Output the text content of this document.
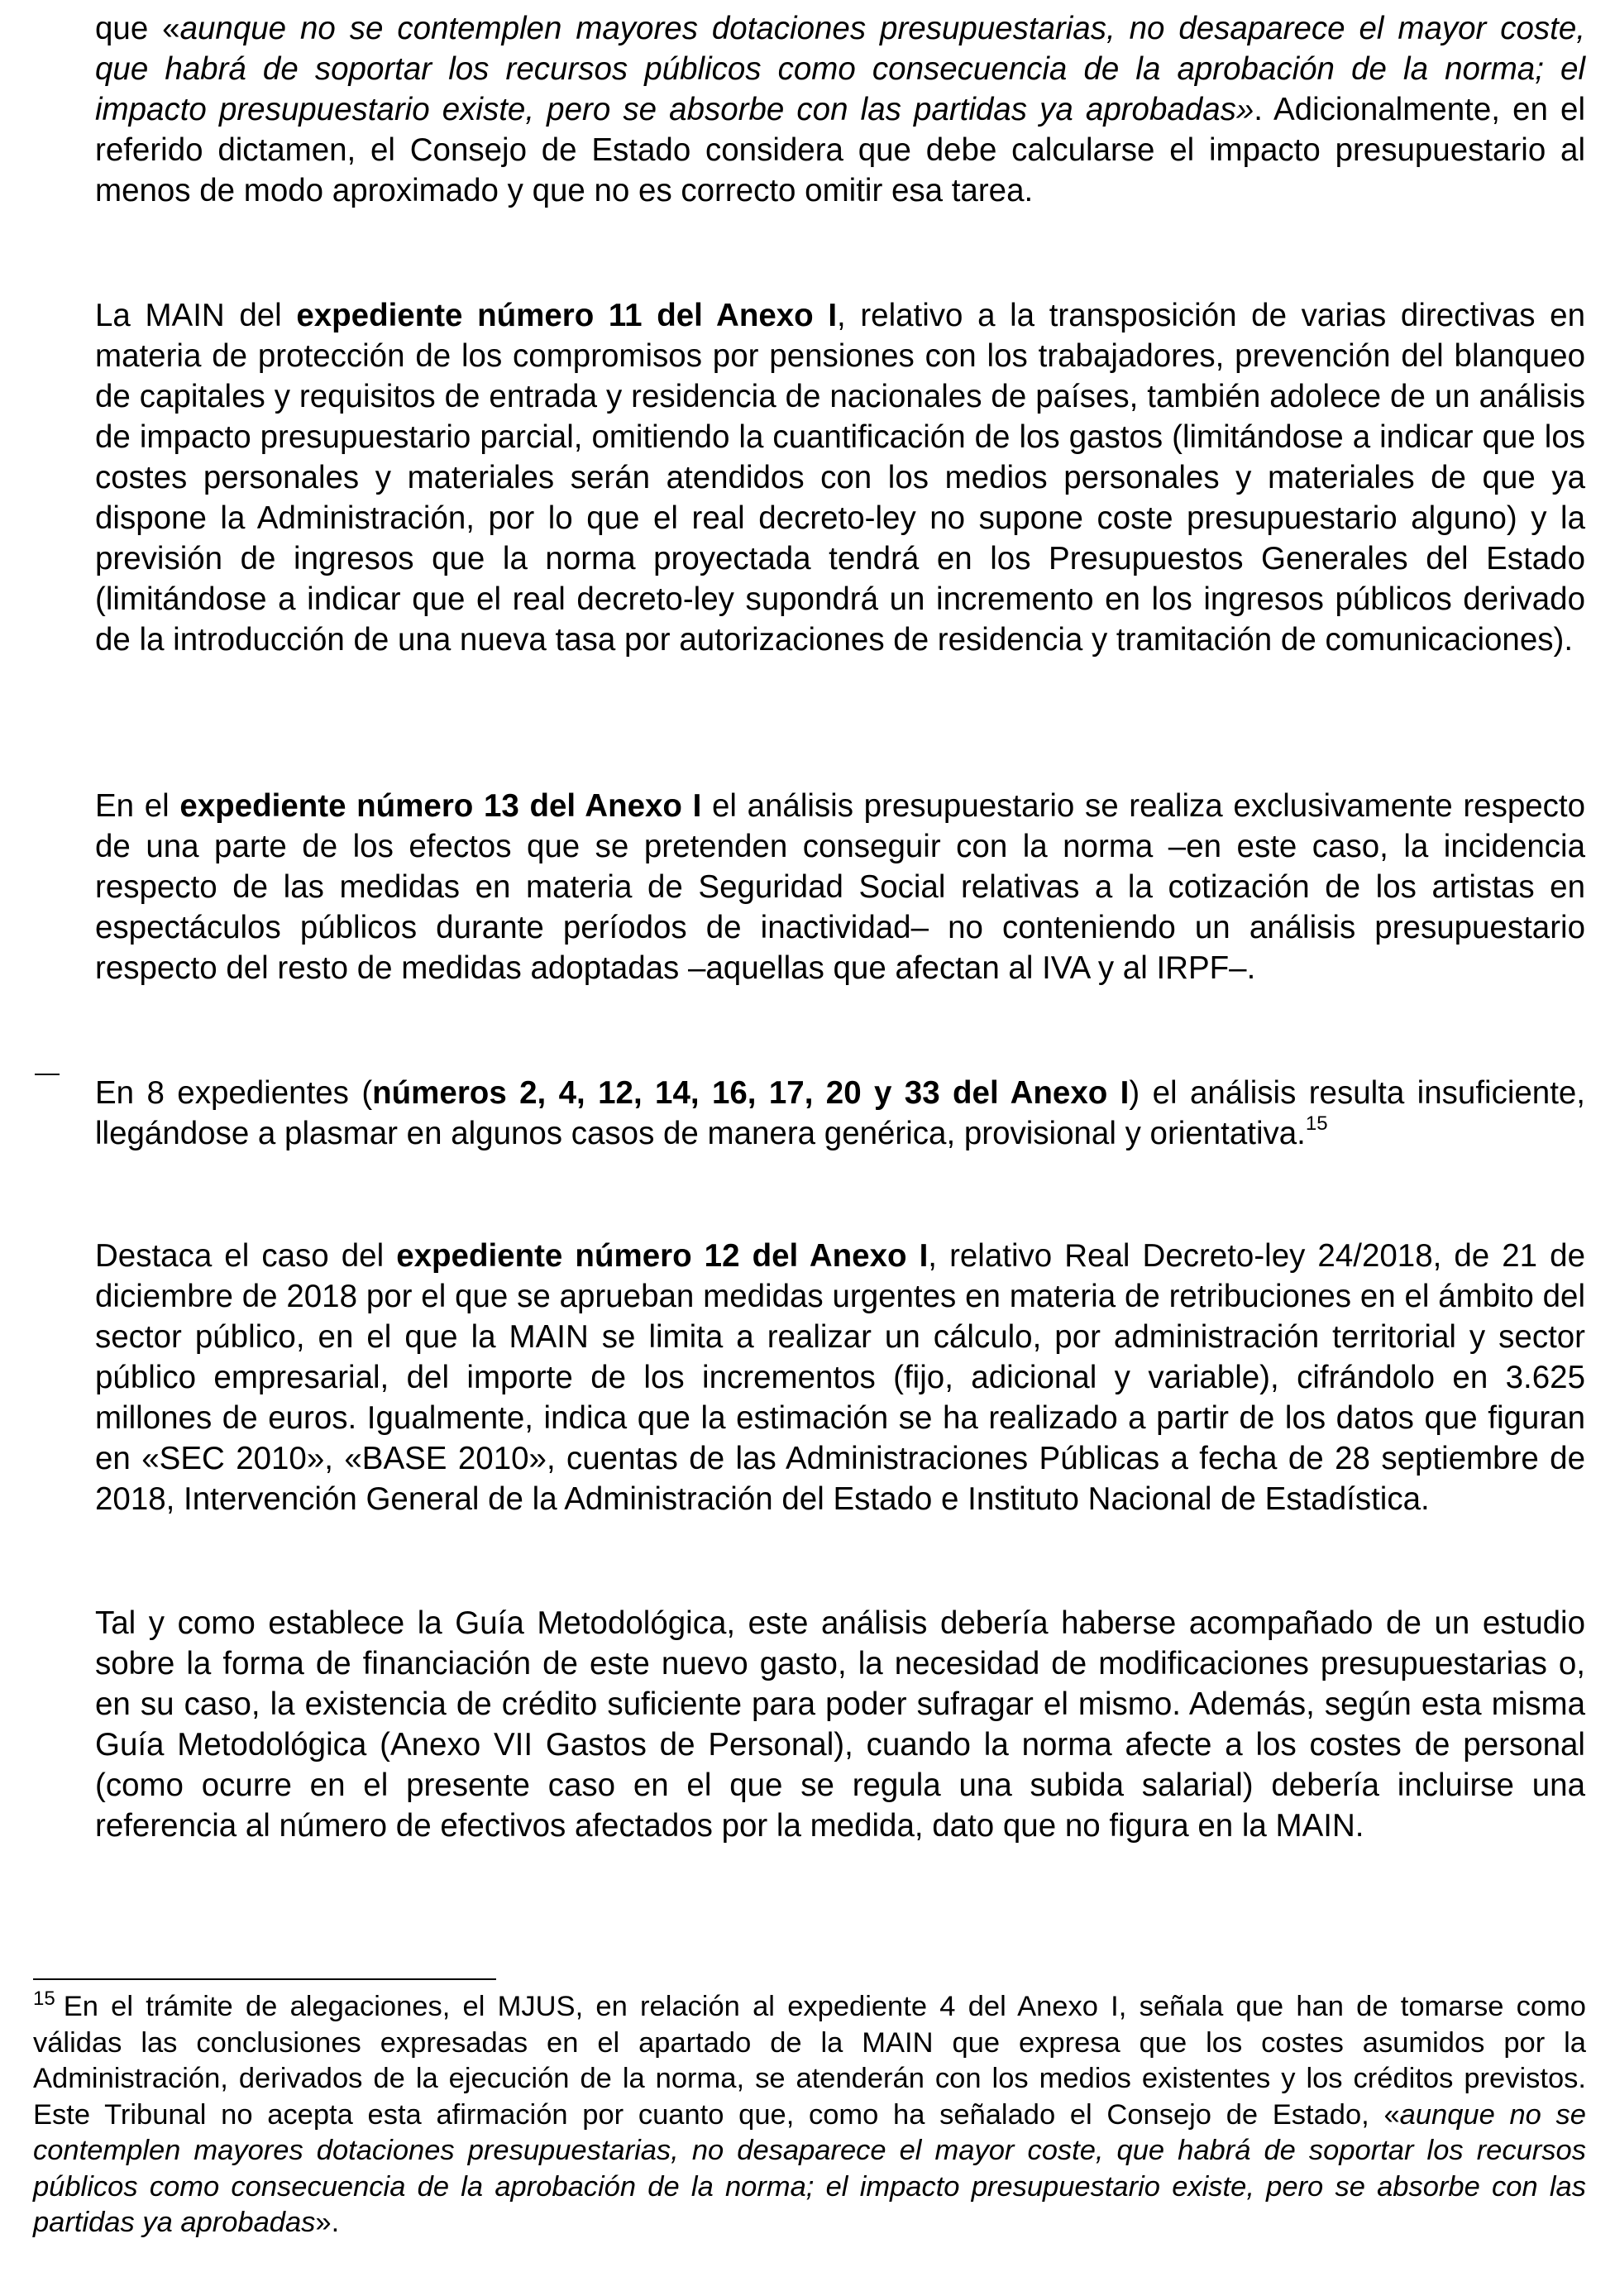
que «aunque no se contemplen mayores dotaciones presupuestarias, no desaparece el mayor coste, que habrá de soportar los recursos públicos como consecuencia de la aprobación de la norma; el impacto presupuestario existe, pero se absorbe con las partidas ya aprobadas». Adicionalmente, en el referido dictamen, el Consejo de Estado considera que debe calcularse el impacto presupuestario al menos de modo aproximado y que no es correcto omitir esa tarea.

La MAIN del expediente número 11 del Anexo I, relativo a la transposición de varias directivas en materia de protección de los compromisos por pensiones con los trabajadores, prevención del blanqueo de capitales y requisitos de entrada y residencia de nacionales de países, también adolece de un análisis de impacto presupuestario parcial, omitiendo la cuantificación de los gastos (limitándose a indicar que los costes personales y materiales serán atendidos con los medios personales y materiales de que ya dispone la Administración, por lo que el real decreto-ley no supone coste presupuestario alguno) y la previsión de ingresos que la norma proyectada tendrá en los Presupuestos Generales del Estado (limitándose a indicar que el real decreto-ley supondrá un incremento en los ingresos públicos derivado de la introducción de una nueva tasa por autorizaciones de residencia y tramitación de comunicaciones).

En el expediente número 13 del Anexo I el análisis presupuestario se realiza exclusivamente respecto de una parte de los efectos que se pretenden conseguir con la norma –en este caso, la incidencia respecto de las medidas en materia de Seguridad Social relativas a la cotización de los artistas en espectáculos públicos durante períodos de inactividad– no conteniendo un análisis presupuestario respecto del resto de medidas adoptadas –aquellas que afectan al IVA y al IRPF–.

En 8 expedientes (números 2, 4, 12, 14, 16, 17, 20 y 33 del Anexo I) el análisis resulta insuficiente, llegándose a plasmar en algunos casos de manera genérica, provisional y orientativa.$^{15}$

Destaca el caso del expediente número 12 del Anexo I, relativo Real Decreto-ley 24/2018, de 21 de diciembre de 2018 por el que se aprueban medidas urgentes en materia de retribuciones en el ámbito del sector público, en el que la MAIN se limita a realizar un cálculo, por administración territorial y sector público empresarial, del importe de los incrementos (fijo, adicional y variable), cifrándolo en 3.625 millones de euros. Igualmente, indica que la estimación se ha realizado a partir de los datos que figuran en «SEC 2010», «BASE 2010», cuentas de las Administraciones Públicas a fecha de 28 septiembre de 2018, Intervención General de la Administración del Estado e Instituto Nacional de Estadística.

Tal y como establece la Guía Metodológica, este análisis debería haberse acompañado de un estudio sobre la forma de financiación de este nuevo gasto, la necesidad de modificaciones presupuestarias o, en su caso, la existencia de crédito suficiente para poder sufragar el mismo. Además, según esta misma Guía Metodológica (Anexo VII Gastos de Personal), cuando la norma afecte a los costes de personal (como ocurre en el presente caso en el que se regula una subida salarial) debería incluirse una referencia al número de efectivos afectados por la medida, dato que no figura en la MAIN.

$^{15}$ En el trámite de alegaciones, el MJUS, en relación al expediente 4 del Anexo I, señala que han de tomarse como válidas las conclusiones expresadas en el apartado de la MAIN que expresa que los costes asumidos por la Administración, derivados de la ejecución de la norma, se atenderán con los medios existentes y los créditos previstos. Este Tribunal no acepta esta afirmación por cuanto que, como ha señalado el Consejo de Estado, «aunque no se contemplen mayores dotaciones presupuestarias, no desaparece el mayor coste, que habrá de soportar los recursos públicos como consecuencia de la aprobación de la norma; el impacto presupuestario existe, pero se absorbe con las partidas ya aprobadas».
